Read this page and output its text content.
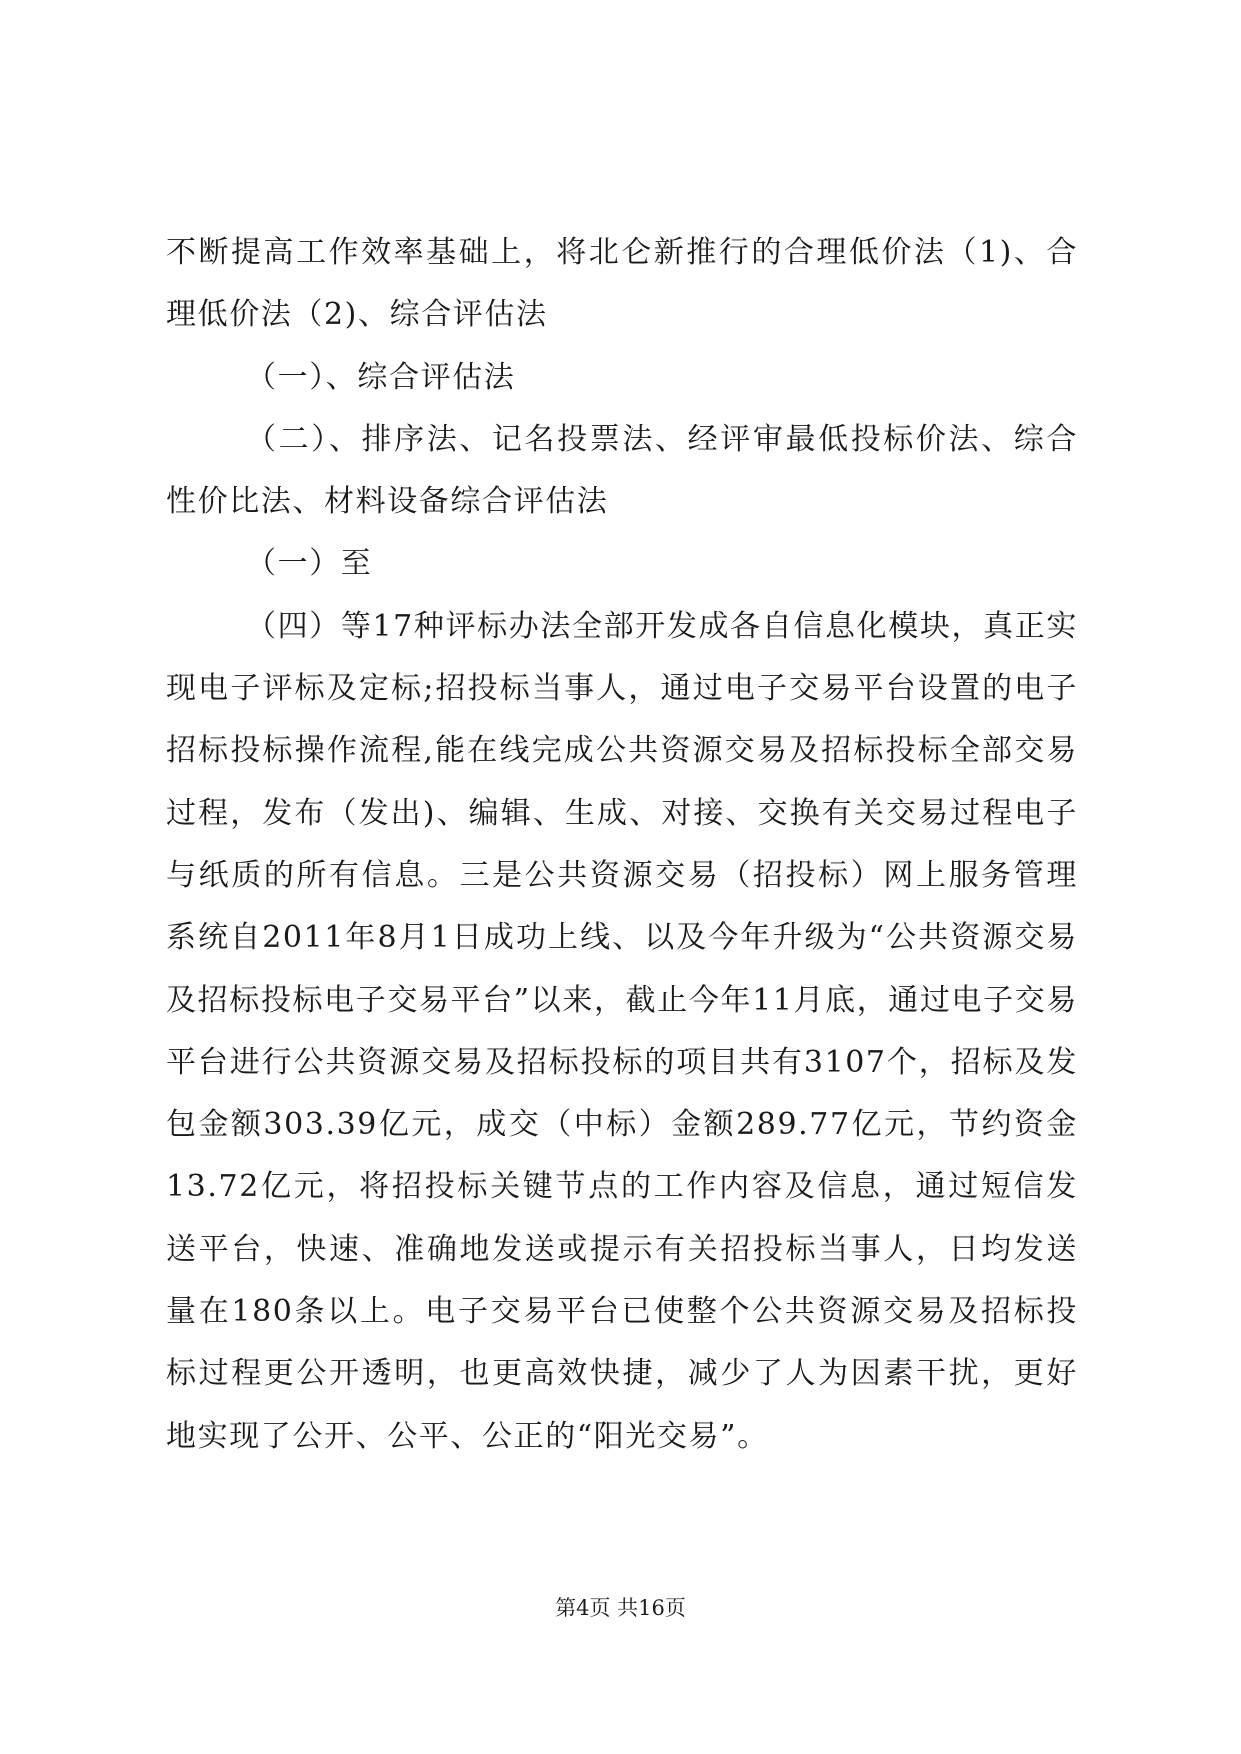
不断提高工作效率基础上，将北仑新推行的合理低价法（1)、合理低价法（2)、综合评估法

（一）、综合评估法

（二）、排序法、记名投票法、经评审最低投标价法、综合性价比法、材料设备综合评估法

（一）至

（四）等17种评标办法全部开发成各自信息化模块，真正实现电子评标及定标;招投标当事人，通过电子交易平台设置的电子招标投标操作流程,能在线完成公共资源交易及招标投标全部交易过程，发布（发出)、编辑、生成、对接、交换有关交易过程电子与纸质的所有信息。三是公共资源交易（招投标）网上服务管理系统自2011年8月1日成功上线、以及今年升级为“公共资源交易及招标投标电子交易平台”以来，截止今年11月底，通过电子交易平台进行公共资源交易及招标投标的项目共有3107个，招标及发包金额303.39亿元，成交（中标）金额289.77亿元，节约资金13.72亿元，将招投标关键节点的工作内容及信息，通过短信发送平台，快速、准确地发送或提示有关招投标当事人，日均发送量在180条以上。电子交易平台已使整个公共资源交易及招标投标过程更公开透明，也更高效快捷，减少了人为因素干扰，更好地实现了公开、公平、公正的“阳光交易”。

第4页 共16页
